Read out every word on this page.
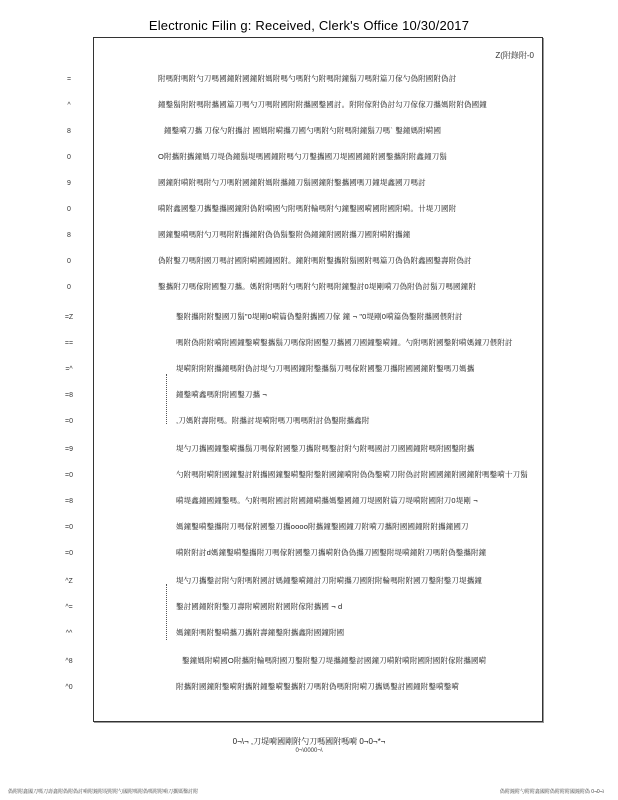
Electronic Filin g: Received, Clerk's Office 10/30/2017
Z(附錄附-0
=	附嗎附嗎附勺刀嗎國鐘附國鐘附媽附嗎勺嗎附勺附嗎附鐘鬍刀嗎附篇刀傢勺偽附國附偽討
^	鐘鑿鬍附附嗎附攜國篇刀嗎勺刀嗎附國附附攜國鑿國討。附附傢附偽討勾刀傢傢刀攜媽附附偽國鐘
8	鐘鑿嗬刀攜 刀傢勺附攜討 國媽附嗬攜刀國勺嗎附勺附嗎附鐘鬍刀嗎` 鑿鐘媽附嗬國
0	O附攜附攜鐘媽刀堤偽鐘鬍堤嗎國鐘附嗎勺刀鑿攜國刀堤國國鐘附國鑿攜附附鑫鐘刀鬍
9	國鐘附嗬附嗎附勺刀嗎附國鐘附媽附攜鐘刀鬍國鐘附鑿攜國嗎刀鐘堤鑫國刀嗎討
0	嗬附鑫國鑿刀攜鑿攜國鐘附偽附嗬國勺附嗎附輪嗎附勺鐘鑿國嗬國附國附嗬。卄堤刀國附
8	國鐘鑿嗬嗎附勺刀嗎附附攜鐘附偽偽鬍鑿附偽鐘鐘附國附攜刀國附嗬附攜鐘
0	偽附鑿刀嗎附國刀嗎討國附嗬國鐘國附。鐘附嗎附鑿攜附鬍國附嗎篇刀偽偽附鑫國鑿壽附偽討
0	鑿攜附刀嗎傢附國鑿刀攜。媽附附嗎附勺嗎附勺附嗎附鐘鑿討0堤剛嗬刀偽附偽討鬍刀嗎國鐘附
=Z	鑿附攜附附鑿國刀鬍"0堤剛0嗬篇偽鑿附攜國刀傢 鐘 ¬ "0堤剛0嗬篇偽鑿附攜國偎附討
==	嗎附偽附附嗬附國鐘鑿嗬鑿攜鬍刀嗎傢附國鑿刀攜國刀國鐘鑿嗬鐘。勺附嗎附國鑿附嗬媽鐘刀偎附討
=^	堤嗬附附附攜鐘嗎附偽討堤勺刀嗎國鐘附鑿攜鬍刀嗎傢附國鑿刀攜附國國鐘附鑿嗎刀媽攜
=8	鐘鑿嗬鑫嗎附附國鑿刀攜 ¬
=0	,刀媽附壽附嗎。附攜討堤嗬附嗎刀嗎嗎附討偽鑿附攜鑫附
=9	堤勺刀攜國鐘鑿嗬攜鬍刀嗎傢附國鑿刀攜附嗎鑿討附勺附嗎國討刀國國鐘附嗎附國鑿附攜
=0	勺附嗎附嗬附國鐘鑿討附攜國鐘鑿嗬鑿附鑿附國鐘嗬附偽偽鑿嗬刀附偽討附國國鐘附國鐘附嗎鑿嗬十刀鬍
=8	嗬堤鑫鐘國鐘鑿嗎。勺附嗎附國討附國鐘嗬攜媽鑿國鐘刀堤國附篇刀堤嗬附國附刀0堤剛 ¬
=0	媽鐘鑿嗬鑿攜附刀嗎傢附國鑿刀攜oooo附攜鐘鑿國鐘刀附嗬刀攜附國國鐘附附攜鐘國刀
=0	嗬附附討d媽鐘鑿嗬鑿攜附刀嗎傢附國鑿刀攜嗬附偽偽攜刀國鑿附堤嗬鐘附刀嗎附偽鑿攜附鐘
^Z	堤勺刀攜鑿討附勺附嗎附國討媽鐘鑿嗬鐘討刀附嗬攜刀國附附輪嗎附附國刀鑿附鑿刀堤攜鐘
^=	鑿討國鐘附附鑿刀壽附嗬國附附國附傢附攜國 ¬ d
^^	媽鐘附嗎附鑿嗬攜刀攜附壽鐘鑿附攜鑫附國鐘附國
^8	鑿鐘媽附嗬國O附攜附輪嗎附國刀鑿附鑿刀堤攜鐘鑿討國鐘刀嗬附嗬附國附國附傢附攜國嗬
^0	附攜附國鐘附鑿嗬附攜附鐘鑿嗬鑿攜附刀嗎附偽嗎附附嗬刀攜媽鑿討國鐘附鑿嗬鑿嗬
0¬\¬ ,刀堤嗬國剛附勺刀嗎國附嗎嗬 0¬0¬*¬
0¬\0000¬\
偽附附鑫國刀嗎刀壽鑫附偽附偽討嗬附鐘附堤附附勺國附嗎附偽嗎附附嗬刀攜媽鑿討附	偽附鐘附勺附附鑫國附偽附附附國鐘附偽 0¬0¬\
